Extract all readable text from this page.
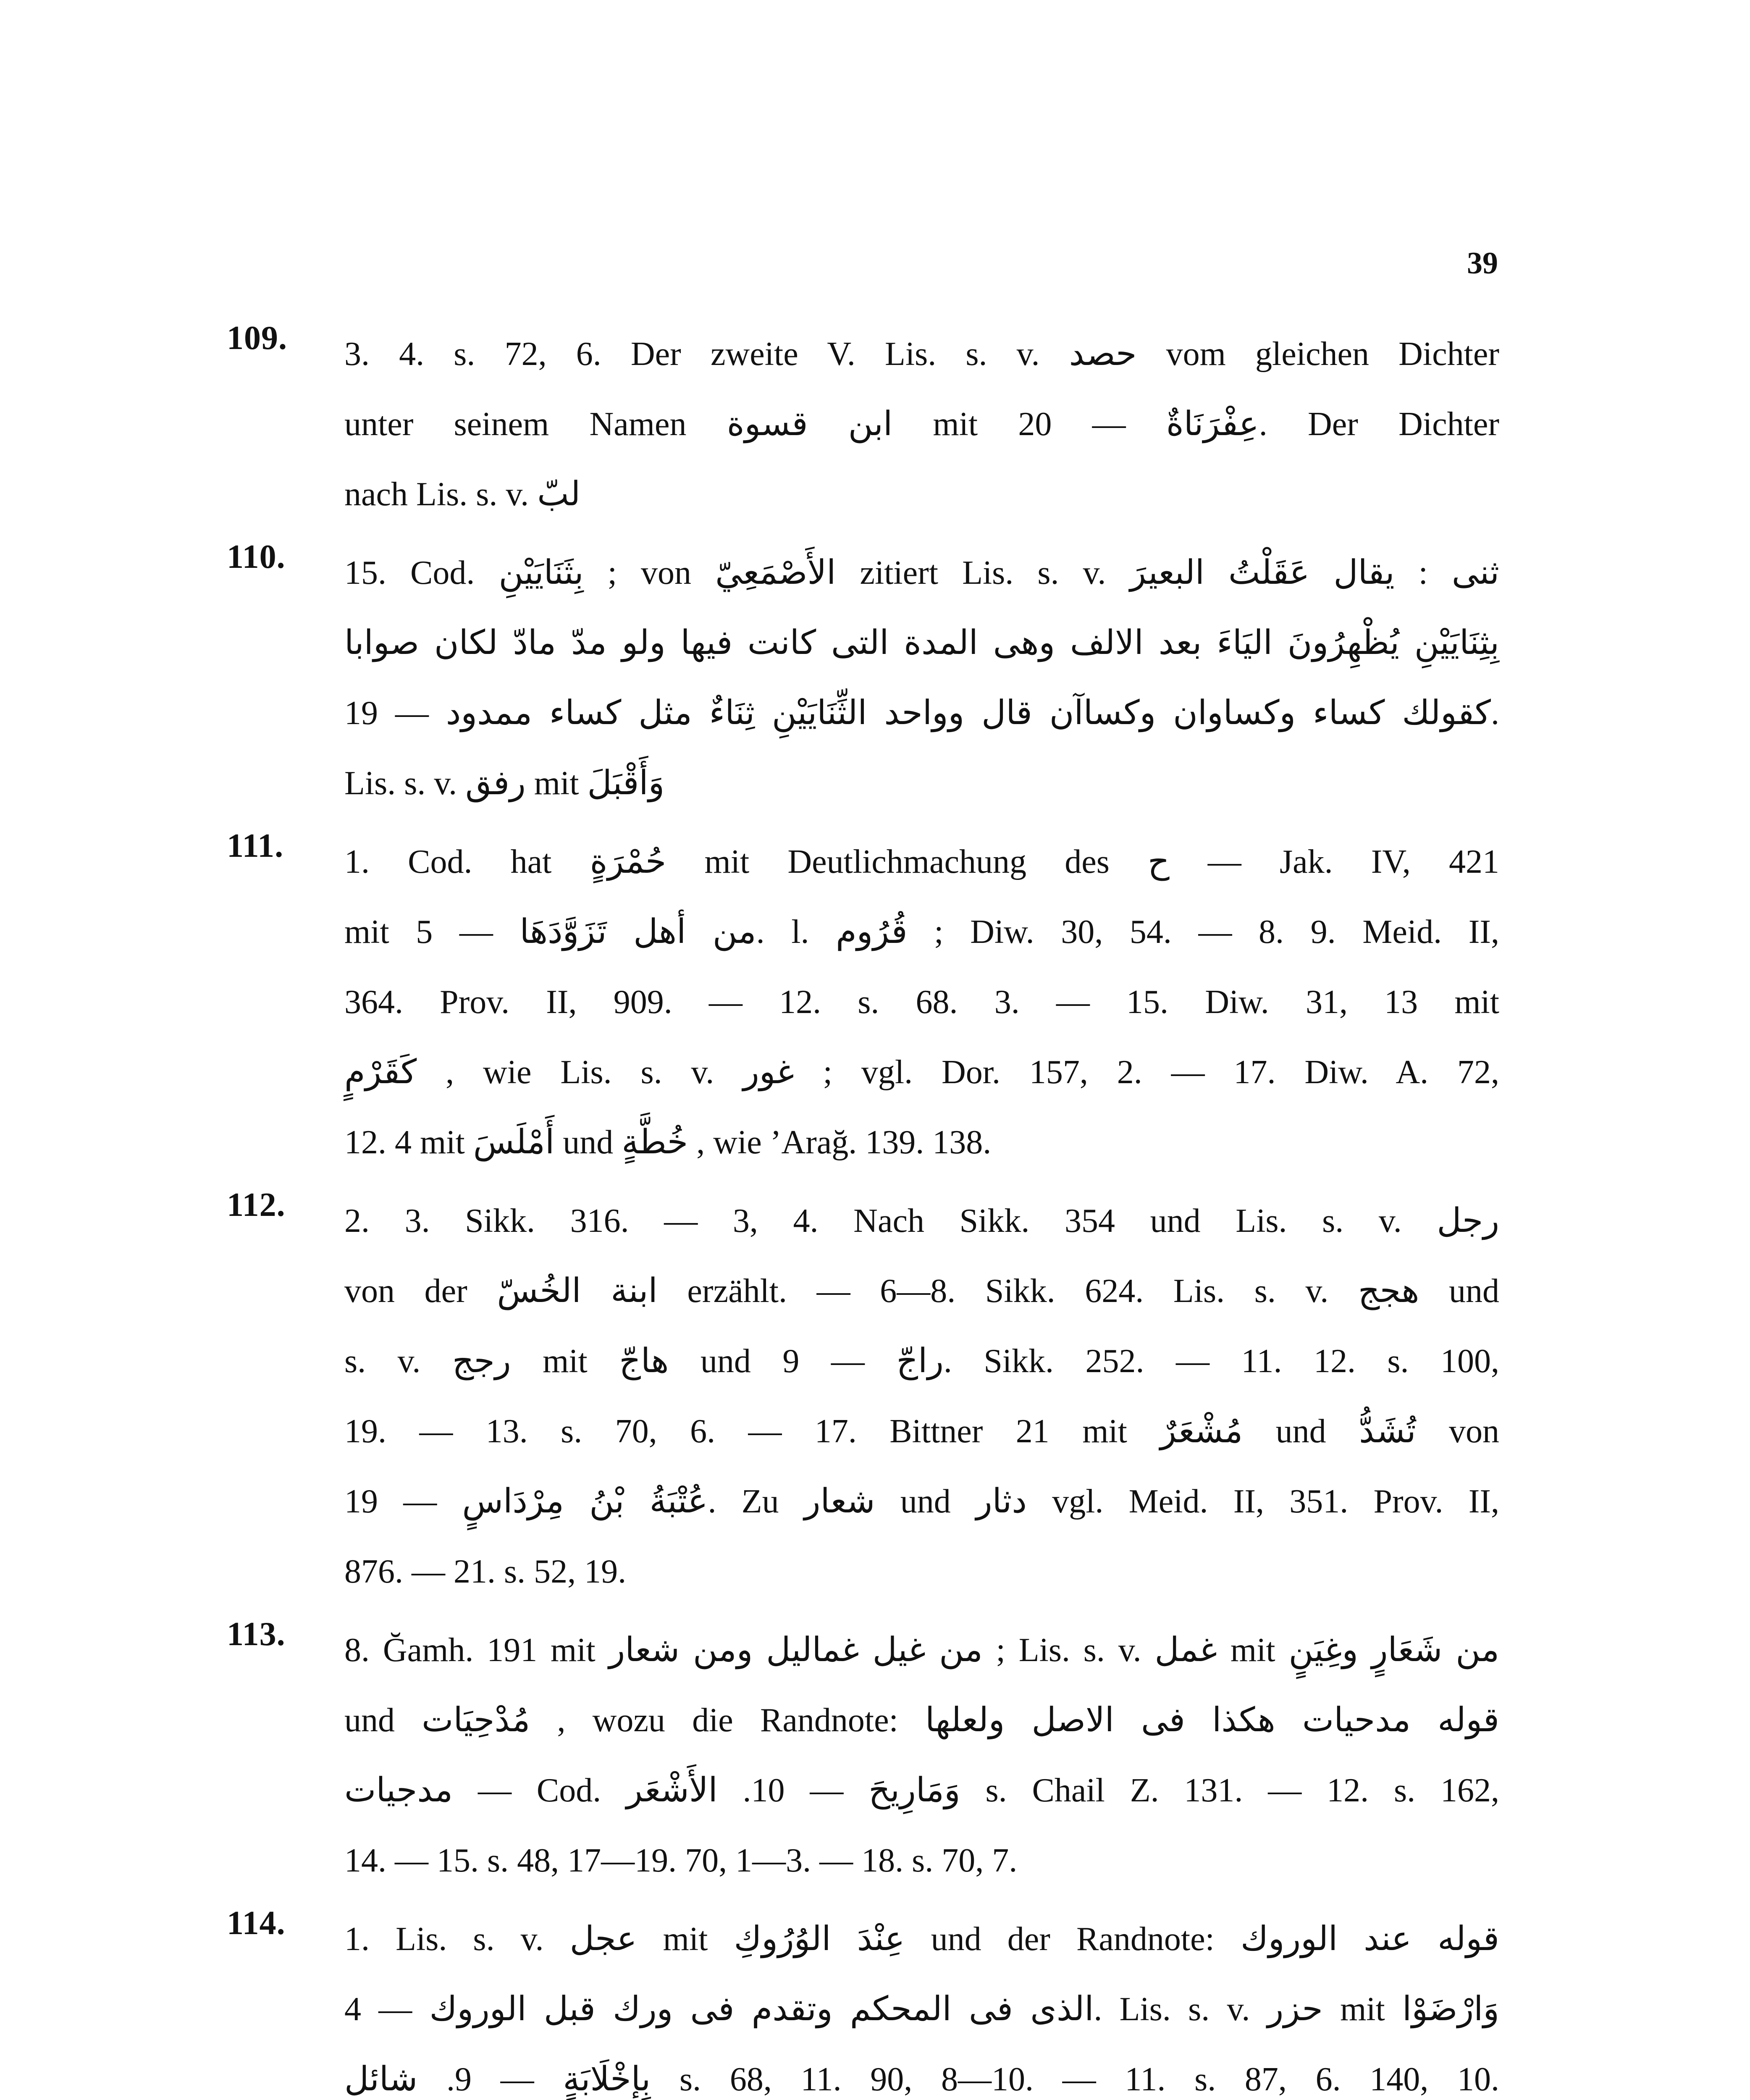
39
109. 3. 4. s. 72, 6. Der zweite V. Lis. s. v. حصد vom gleichen Dichter
unter seinem Namen ابن قسوة mit عِفْرَنَاةٌ — 20. Der Dichter
nach Lis. s. v. لبّ
110. 15. Cod. بِثَنَايَيْنِ ; von الأَصْمَعِيّ zitiert Lis. s. v. ثنى : يقال عَقَلْتُ البعيرَ
بِثِنَايَيْنِ يُظْهِرُونَ اليَاءَ بعد الالف وهى المدة التى كانت فيها ولو مدّ مادّ لكان صوابا
كقولك كساء وكساوان وكساآن قال وواحد الثِّنَايَيْنِ ثِنَاءٌ مثل كساء ممدود — 19.
Lis. s. v. رفق mit وَأَقْبَلَ
111. 1. Cod. hat حُمْرَةٍ mit Deutlichmachung des ح — Jak. IV, 421
mit من أهل تَزَوَّدَهَا — 5. l. قُرُوم ; Diw. 30, 54. — 8. 9. Meid. II,
364. Prov. II, 909. — 12. s. 68. 3. — 15. Diw. 31, 13 mit
كَقَرْمٍ , wie Lis. s. v. غور ; vgl. Dor. 157, 2. — 17. Diw. A. 72,
12. 4 mit أَمْلَسَ und خُطَّةٍ , wie ’Arağ. 139. 138.
112. 2. 3. Sikk. 316. — 3, 4. Nach Sikk. 354 und Lis. s. v. رجل
von der ابنة الخُسّ erzählt. — 6—8. Sikk. 624. Lis. s. v. هجج und
s. v. رجج mit هاجّ und راجّ — 9. Sikk. 252. — 11. 12. s. 100,
19. — 13. s. 70, 6. — 17. Bittner 21 mit مُشْعَرٌ und تُشَدُّ von
عُتْبَةُ بْنُ مِرْدَاسٍ — 19. Zu شعار und دثار vgl. Meid. II, 351. Prov. II,
876. — 21. s. 52, 19.
113. 8. Ğamh. 191 mit من غيل غماليل ومن شعار ; Lis. s. v. غمل mit من شَعَارٍ وغِيَنٍ
und مُدْحِيَات , wozu die Randnote: قوله مدحيات هكذا فى الاصل ولعلها
مدجيات — Cod. وَمَارِيحَ — 10. الأَشْعَر s. Chail Z. 131. — 12. s. 162,
14. — 15. s. 48, 17—19. 70, 1—3. — 18. s. 70, 7.
114. 1. Lis. s. v. عجل mit عِنْدَ الوُرُوكِ und der Randnote: قوله عند الوروك
الذى فى المحكم وتقدم فى ورك قبل الوروك — 4. Lis. s. v. حزر mit وَارْضَوْا
بِإِخْلَابَةٍ — 9. شائل s. 68, 11. 90, 8—10. — 11. s. 87, 6. 140, 10.
